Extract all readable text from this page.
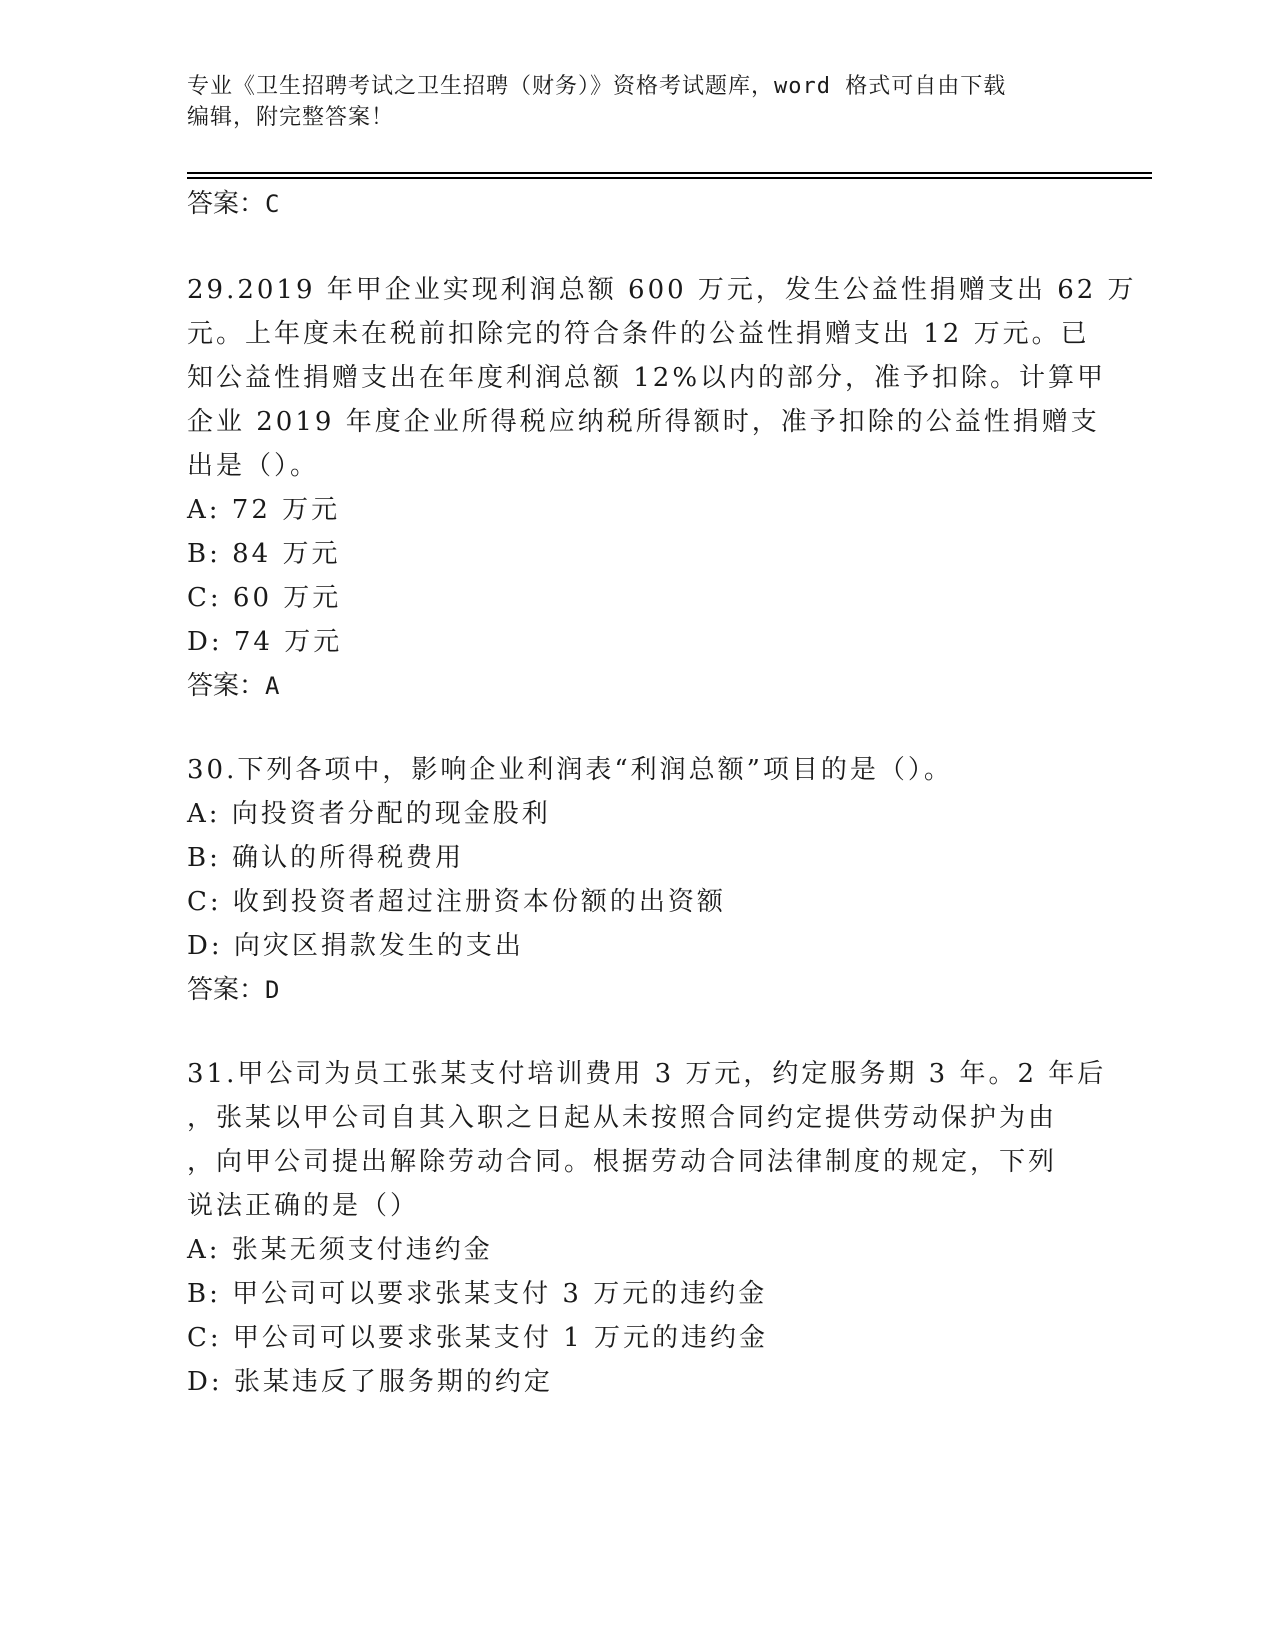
专业《卫生招聘考试之卫生招聘（财务）》资格考试题库，word 格式可自由下载
编辑，附完整答案！
答案：C
29.2019 年甲企业实现利润总额 600 万元，发生公益性捐赠支出 62 万
元。上年度未在税前扣除完的符合条件的公益性捐赠支出 12 万元。已
知公益性捐赠支出在年度利润总额 12%以内的部分，准予扣除。计算甲
企业 2019 年度企业所得税应纳税所得额时，准予扣除的公益性捐赠支
出是（）。
A: 72 万元
B: 84 万元
C: 60 万元
D: 74 万元
答案：A
30.下列各项中，影响企业利润表“利润总额”项目的是（）。
A: 向投资者分配的现金股利
B: 确认的所得税费用
C: 收到投资者超过注册资本份额的出资额
D: 向灾区捐款发生的支出
答案：D
31.甲公司为员工张某支付培训费用 3 万元，约定服务期 3 年。2 年后
，张某以甲公司自其入职之日起从未按照合同约定提供劳动保护为由
，向甲公司提出解除劳动合同。根据劳动合同法律制度的规定，下列
说法正确的是（）
A: 张某无须支付违约金
B: 甲公司可以要求张某支付 3 万元的违约金
C: 甲公司可以要求张某支付 1 万元的违约金
D: 张某违反了服务期的约定
